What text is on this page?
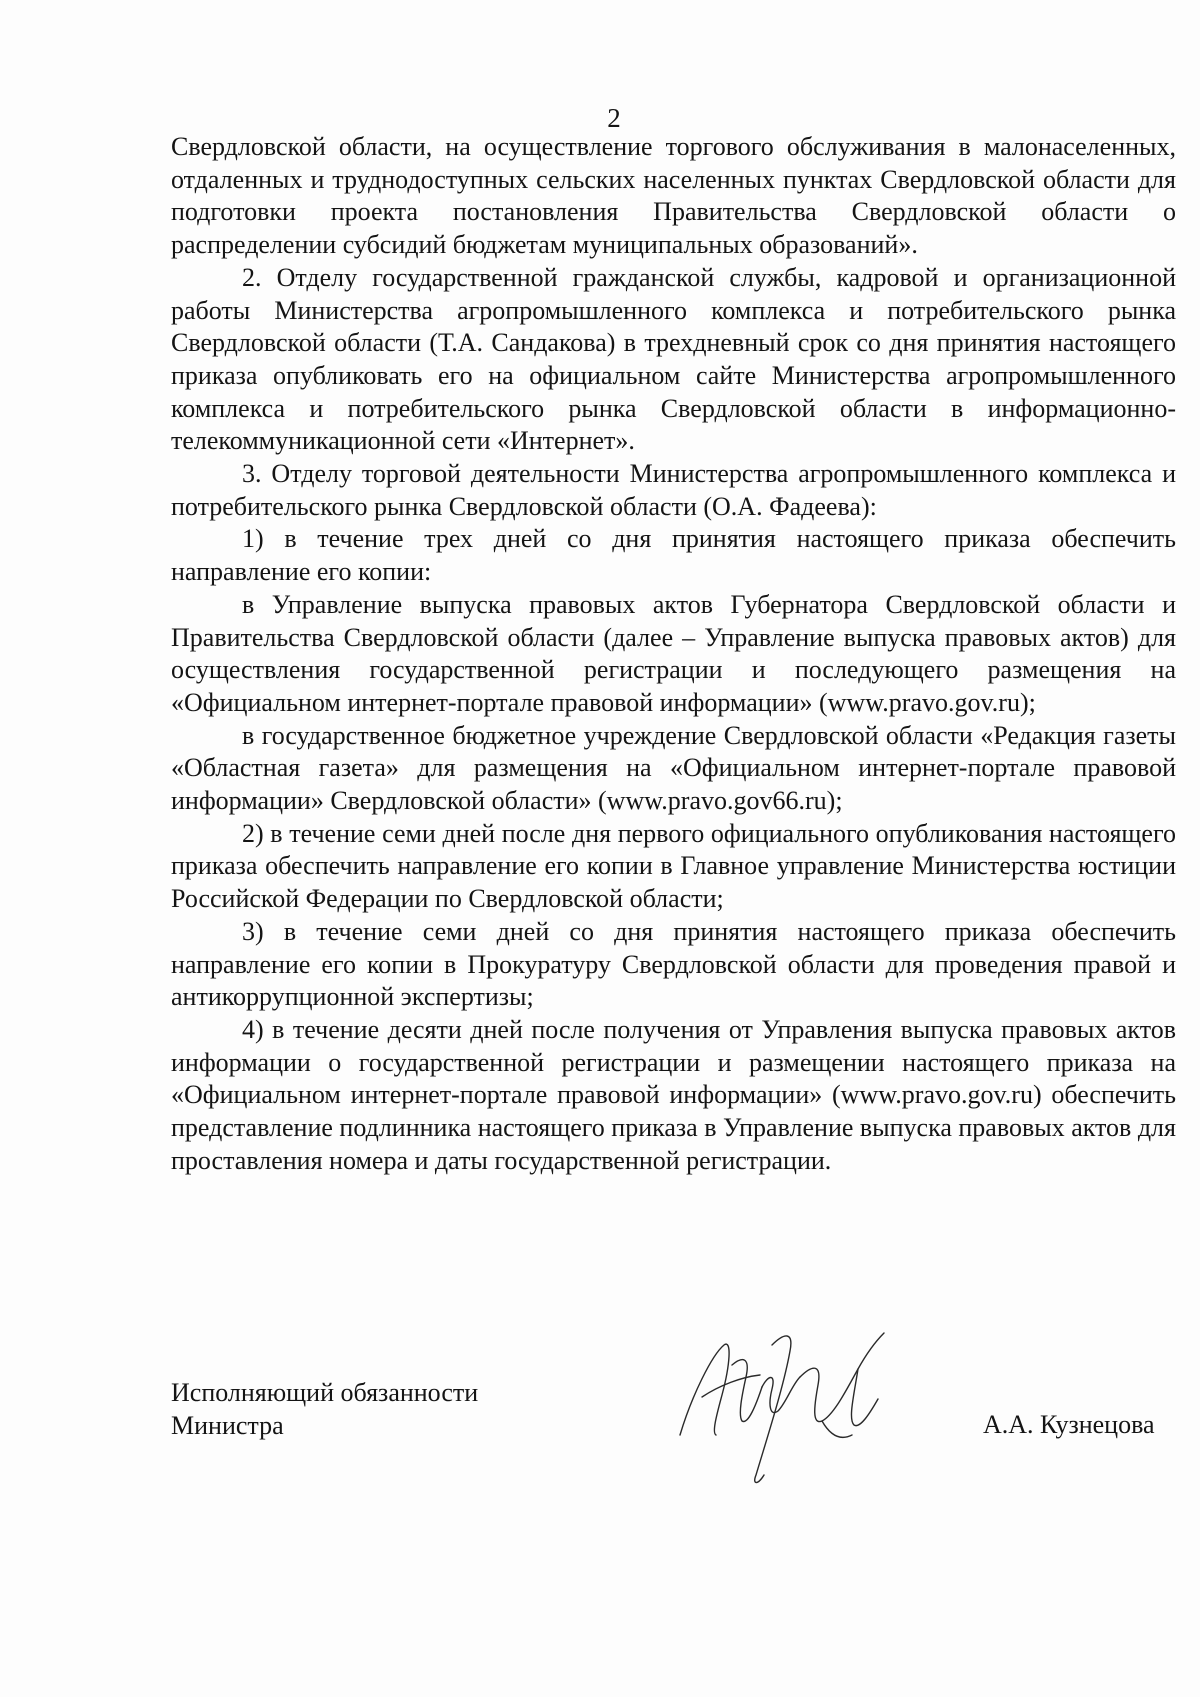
2

Свердловской области, на осуществление торгового обслуживания в малонаселенных, отдаленных и труднодоступных сельских населенных пунктах Свердловской области для подготовки проекта постановления Правительства Свердловской области о распределении субсидий бюджетам муниципальных образований».

2. Отделу государственной гражданской службы, кадровой и организационной работы Министерства агропромышленного комплекса и потребительского рынка Свердловской области (Т.А. Сандакова) в трехдневный срок со дня принятия настоящего приказа опубликовать его на официальном сайте Министерства агропромышленного комплекса и потребительского рынка Свердловской области в информационно-телекоммуникационной сети «Интернет».

3. Отделу торговой деятельности Министерства агропромышленного комплекса и потребительского рынка Свердловской области (О.А. Фадеева):

1) в течение трех дней со дня принятия настоящего приказа обеспечить направление его копии:

в Управление выпуска правовых актов Губернатора Свердловской области и Правительства Свердловской области (далее – Управление выпуска правовых актов) для осуществления государственной регистрации и последующего размещения на «Официальном интернет-портале правовой информации» (www.pravo.gov.ru);

в государственное бюджетное учреждение Свердловской области «Редакция газеты «Областная газета» для размещения на «Официальном интернет-портале правовой информации» Свердловской области» (www.pravo.gov66.ru);

2) в течение семи дней после дня первого официального опубликования настоящего приказа обеспечить направление его копии в Главное управление Министерства юстиции Российской Федерации по Свердловской области;

3) в течение семи дней со дня принятия настоящего приказа обеспечить направление его копии в Прокуратуру Свердловской области для проведения правой и антикоррупционной экспертизы;

4) в течение десяти дней после получения от Управления выпуска правовых актов информации о государственной регистрации и размещении настоящего приказа на «Официальном интернет-портале правовой информации» (www.pravo.gov.ru) обеспечить представление подлинника настоящего приказа в Управление выпуска правовых актов для проставления номера и даты государственной регистрации.

Исполняющий обязанности
Министра	А.А. Кузнецова
